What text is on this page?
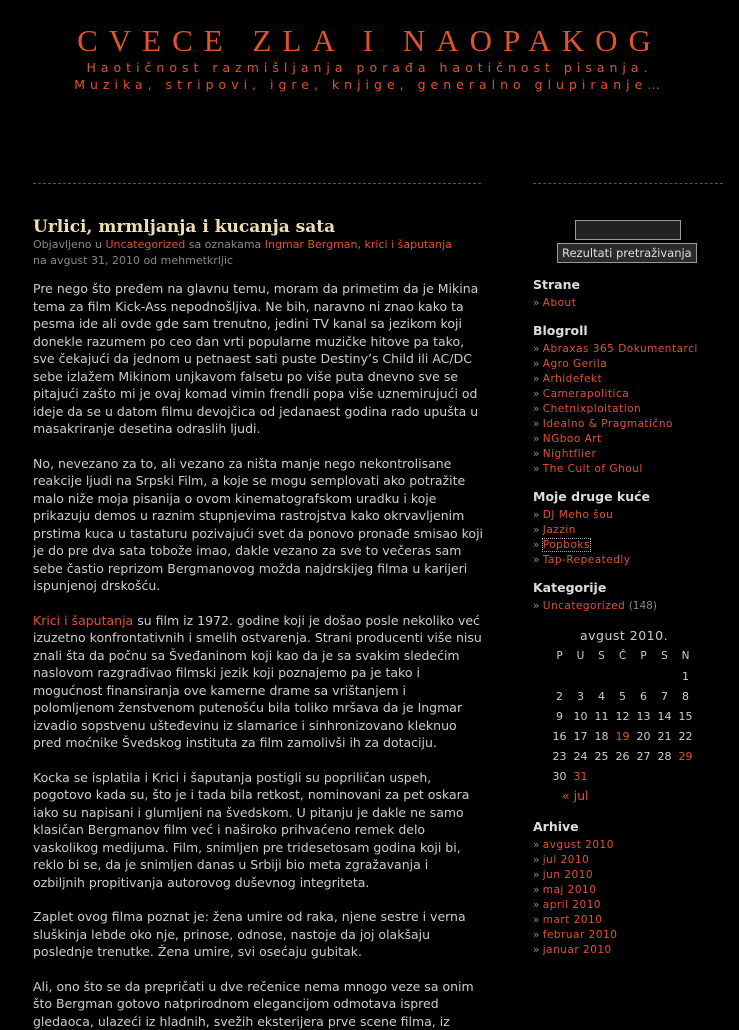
CVECE ZLA I NAOPAKOG
Haotičnost razmišljanja porađa haotičnost pisanja.
Muzika, stripovi, igre, knjige, generalno glupiranje…
Urlici, mrmljanja i kucanja sata
Objavljeno u Uncategorized sa oznakama Ingmar Bergman, krici i šaputanja
na avgust 31, 2010 od mehmetkrljic

Pre nego što pređem na glavnu temu, moram da primetim da je Mikina tema za film Kick-Ass nepodnošljiva. Ne bih, naravno ni znao kako ta pesma ide ali ovde gde sam trenutno, jedini TV kanal sa jezikom koji donekle razumem po ceo dan vrti popularne muzičke hitove pa tako, sve čekajući da jednom u petnaest sati puste Destiny’s Child ili AC/DC sebe izlažem Mikinom unjkavom falsetu po više puta dnevno sve se pitajući zašto mi je ovaj komad vimin frendli popa više uznemirujući od ideje da se u datom filmu devojčica od jedanaest godina rado upušta u masakriranje desetina odraslih ljudi.

No, nevezano za to, ali vezano za ništa manje nego nekontrolisane reakcije ljudi na Srpski Film, a koje se mogu semplovati ako potražite malo niže moja pisanija o ovom kinematografskom uradku i koje prikazuju demos u raznim stupnjevima rastrojstva kako okrvavljenim prstima kuca u tastaturu pozivajući svet da ponovo pronađe smisao koji je do pre dva sata tobože imao, dakle vezano za sve to večeras sam sebe častio reprizom Bergmanovog možda najdrskijeg filma u karijeri ispunjenoj drskošću.

Krici i šaputanja su film iz 1972. godine koji je došao posle nekoliko već izuzetno konfrontativnih i smelih ostvarenja. Strani producenti više nisu znali šta da počnu sa Šveđaninom koji kao da je sa svakim sledećim naslovom razgrađivao filmski jezik koji poznajemo pa je tako i mogućnost finansiranja ove kamerne drame sa vrištanjem i polomljenom ženstvenom putenošću bila toliko mršava da je Ingmar izvadio sopstvenu ušteđevinu iz slamarice i sinhronizovano kleknuo pred moćnike Švedskog instituta za film zamolivši ih za dotaciju.

Kocka se isplatila i Krici i šaputanja postigli su popriličan uspeh, pogotovo kada su, što je i tada bila retkost, nominovani za pet oskara iako su napisani i glumljeni na švedskom. U pitanju je dakle ne samo klasičan Bergmanov film već i naširoko prihvaćeno remek delo vaskolikog medijuma. Film, snimljen pre tridesetosam godina koji bi, reklo bi se, da je snimljen danas u Srbiji bio meta zgražavanja i ozbiljnih propitivanja autorovog duševnog integriteta.

Zaplet ovog filma poznat je: žena umire od raka, njene sestre i verna sluškinja lebde oko nje, prinose, odnose, nastoje da joj olakšaju poslednje trenutke. Žena umire, svi osećaju gubitak.

Ali, ono što se da prepričati u dve rečenice nema mnogo veze sa onim što Bergman gotovo natprirodnom elegancijom odmotava ispred gledaoca, ulazeći iz hladnih, svežih eksterijera prve scene filma, iz

Rezultati pretraživanja
Strane
» About
Blogroll
» Abraxas 365 Dokumentarci
» Agro Gerila
» Arhidefekt
» Camerapolitica
» Chetnixploitation
» Idealno & Pragmatično
» NGboo Art
» Nightflier
» The Cult of Ghoul
Moje druge kuće
» DJ Meho šou
» Jazzin
» Popboks
» Tap-Repeatedly
Kategorije
» Uncategorized (148)
avgust 2010.
P	U	S	Č	P	S	N
						1
2	3	4	5	6	7	8
9	10	11	12	13	14	15
16	17	18	19	20	21	22
23	24	25	26	27	28	29
30	31					
« jul
Arhive
» avgust 2010
» jul 2010
» jun 2010
» maj 2010
» april 2010
» mart 2010
» februar 2010
» januar 2010
